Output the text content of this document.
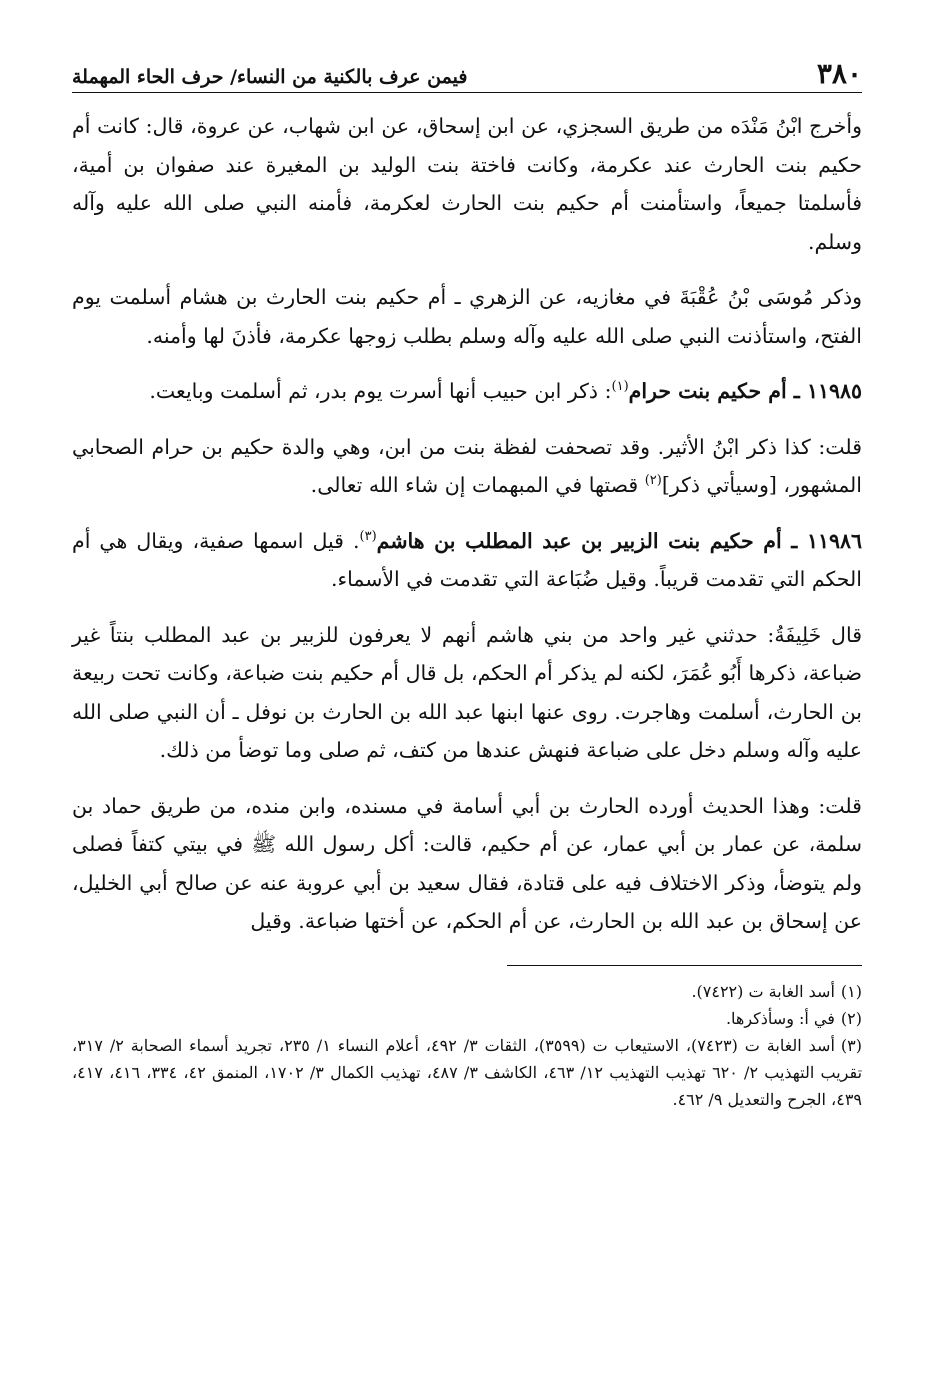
٣٨٠
فيمن عرف بالكنية من النساء/ حرف الحاء المهملة

وأخرج ابْنُ مَنْدَه من طريق السجزي، عن ابن إسحاق، عن ابن شهاب، عن عروة، قال: كانت أم حكيم بنت الحارث عند عكرمة، وكانت فاختة بنت الوليد بن المغيرة عند صفوان بن أمية، فأسلمتا جميعاً، واستأمنت أم حكيم بنت الحارث لعكرمة، فأمنه النبي صلى الله عليه وآله وسلم.

وذكر مُوسَى بْنُ عُقْبَةَ في مغازيه، عن الزهري ـ أم حكيم بنت الحارث بن هشام أسلمت يوم الفتح، واستأذنت النبي صلى الله عليه وآله وسلم بطلب زوجها عكرمة، فأذنَ لها وأمنه.

١١٩٨٥ ـ أم حكيم بنت حرام$^{(١)}$: ذكر ابن حبيب أنها أسرت يوم بدر، ثم أسلمت وبايعت.

قلت: كذا ذكر ابْنُ الأثير. وقد تصحفت لفظة بنت من ابن، وهي والدة حكيم بن حرام الصحابي المشهور، [وسيأتي ذكر]$^{(٢)}$ قصتها في المبهمات إن شاء الله تعالى.

١١٩٨٦ ـ أم حكيم بنت الزبير بن عبد المطلب بن هاشم$^{(٣)}$. قيل اسمها صفية، ويقال هي أم الحكم التي تقدمت قريباً. وقيل ضُبَاعة التي تقدمت في الأسماء.

قال خَلِيفَةُ: حدثني غير واحد من بني هاشم أنهم لا يعرفون للزبير بن عبد المطلب بنتاً غير ضباعة، ذكرها أَبُو عُمَرَ، لكنه لم يذكر أم الحكم، بل قال أم حكيم بنت ضباعة، وكانت تحت ربيعة بن الحارث، أسلمت وهاجرت. روى عنها ابنها عبد الله بن الحارث بن نوفل ـ أن النبي صلى الله عليه وآله وسلم دخل على ضباعة فنهش عندها من كتف، ثم صلى وما توضأ من ذلك.

قلت: وهذا الحديث أورده الحارث بن أبي أسامة في مسنده، وابن منده، من طريق حماد بن سلمة، عن عمار بن أبي عمار، عن أم حكيم، قالت: أكل رسول الله ﷺ في بيتي كتفاً فصلى ولم يتوضأ، وذكر الاختلاف فيه على قتادة، فقال سعيد بن أبي عروبة عنه عن صالح أبي الخليل، عن إسحاق بن عبد الله بن الحارث، عن أم الحكم، عن أختها ضباعة. وقيل

(١)أسد الغابة ت (٧٤٢٢).

(٢)في أ: وسأذكرها.

(٣)أسد الغابة ت (٧٤٢٣)، الاستيعاب ت (٣٥٩٩)، الثقات ٣/ ٤٩٢، أعلام النساء ١/ ٢٣٥، تجريد أسماء الصحابة ٢/ ٣١٧، تقريب التهذيب ٢/ ٦٢٠ تهذيب التهذيب ١٢/ ٤٦٣، الكاشف ٣/ ٤٨٧، تهذيب الكمال ٣/ ١٧٠٢، المنمق ٤٢، ٣٣٤، ٤١٦، ٤١٧، ٤٣٩، الجرح والتعديل ٩/ ٤٦٢.
